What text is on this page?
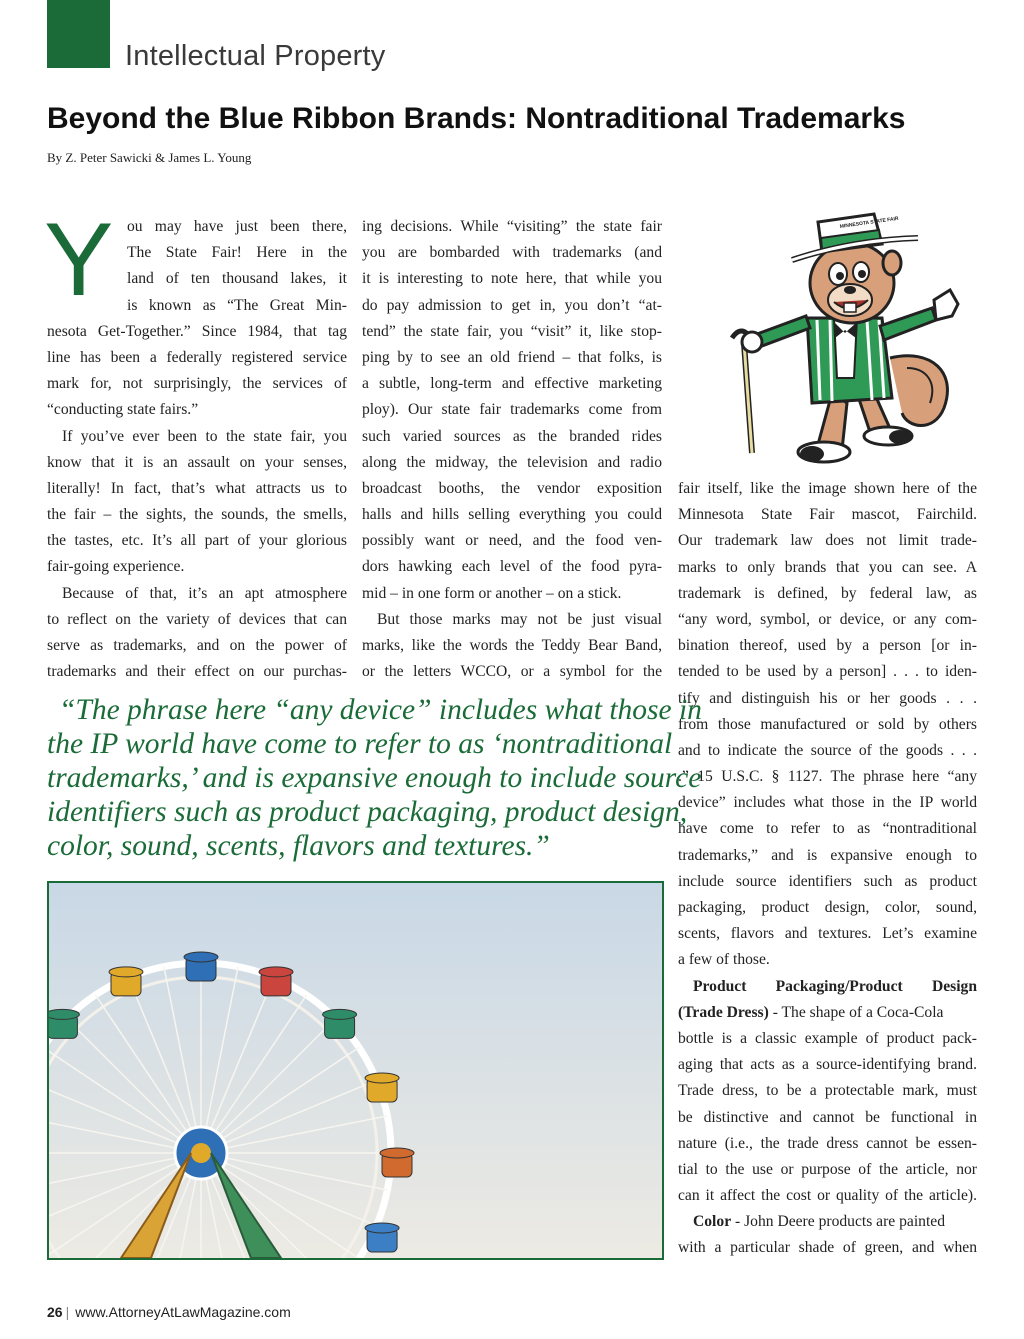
Intellectual Property
Beyond the Blue Ribbon Brands: Nontraditional Trademarks
By Z. Peter Sawicki & James L. Young
Y ou may have just been there,
The State Fair! Here in the
land of ten thousand lakes, it
is known as “The Great Min-
nesota Get-Together.” Since 1984, that tag
line has been a federally registered service
mark for, not surprisingly, the services of
“conducting state fairs.”
If you’ve ever been to the state fair, you
know that it is an assault on your senses,
literally! In fact, that’s what attracts us to
the fair – the sights, the sounds, the smells,
the tastes, etc. It’s all part of your glorious
fair-going experience.
Because of that, it’s an apt atmosphere
to reflect on the variety of devices that can
serve as trademarks, and on the power of
trademarks and their effect on our purchas-
ing decisions. While “visiting” the state fair
you are bombarded with trademarks (and
it is interesting to note here, that while you
do pay admission to get in, you don’t “at-
tend” the state fair, you “visit” it, like stop-
ping by to see an old friend – that folks, is
a subtle, long-term and effective marketing
ploy). Our state fair trademarks come from
such varied sources as the branded rides
along the midway, the television and radio
broadcast booths, the vendor exposition
halls and hills selling everything you could
possibly want or need, and the food ven-
dors hawking each level of the food pyra-
mid – in one form or another – on a stick.
But those marks may not be just visual
marks, like the words the Teddy Bear Band,
or the letters WCCO, or a symbol for the
fair itself, like the image shown here of the
Minnesota State Fair mascot, Fairchild.
Our trademark law does not limit trade-
marks to only brands that you can see. A
trademark is defined, by federal law, as
“any word, symbol, or device, or any com-
bination thereof, used by a person [or in-
tended to be used by a person] . . . to iden-
tify and distinguish his or her goods . . .
from those manufactured or sold by others
and to indicate the source of the goods . . .
.” 15 U.S.C. § 1127. The phrase here “any
device” includes what those in the IP world
have come to refer to as “nontraditional
trademarks,” and is expansive enough to
include source identifiers such as product
packaging, product design, color, sound,
scents, flavors and textures. Let’s examine
a few of those.
Product Packaging/Product Design
(Trade Dress) - The shape of a Coca-Cola
bottle is a classic example of product pack-
aging that acts as a source-identifying brand.
Trade dress, to be a protectable mark, must
be distinctive and cannot be functional in
nature (i.e., the trade dress cannot be essen-
tial to the use or purpose of the article, nor
can it affect the cost or quality of the article).
Color - John Deere products are painted
with a particular shade of green, and when
“The phrase here “any device” includes what those in
the IP world have come to refer to as ‘nontraditional
trademarks,’ and is expansive enough to include source
identifiers such as product packaging, product design,
color, sound, scents, flavors and textures.”
MINNESOTA STATE FAIR
26 | www.AttorneyAtLawMagazine.com
